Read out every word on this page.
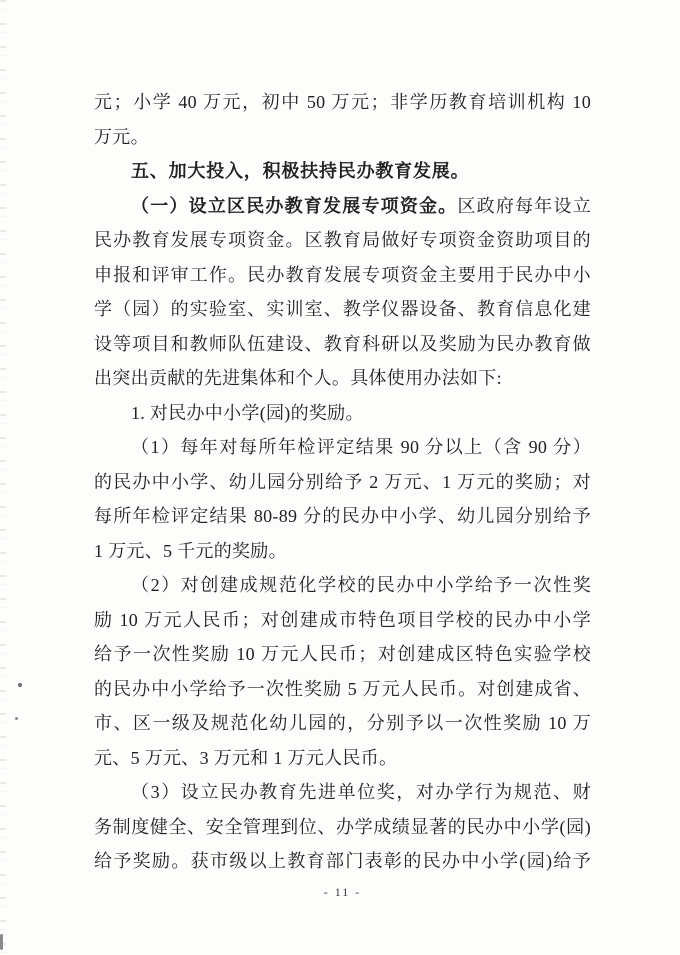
元；小学 40 万元，初中 50 万元；非学历教育培训机构 10
万元。
五、加大投入，积极扶持民办教育发展。
（一）设立区民办教育发展专项资金。区政府每年设立
民办教育发展专项资金。区教育局做好专项资金资助项目的
申报和评审工作。民办教育发展专项资金主要用于民办中小
学（园）的实验室、实训室、教学仪器设备、教育信息化建
设等项目和教师队伍建设、教育科研以及奖励为民办教育做
出突出贡献的先进集体和个人。具体使用办法如下:
1. 对民办中小学(园)的奖励。
（1）每年对每所年检评定结果 90 分以上（含 90 分）
的民办中小学、幼儿园分别给予 2 万元、1 万元的奖励；对
每所年检评定结果 80-89 分的民办中小学、幼儿园分别给予
1 万元、5 千元的奖励。
（2）对创建成规范化学校的民办中小学给予一次性奖
励 10 万元人民币；对创建成市特色项目学校的民办中小学
给予一次性奖励 10 万元人民币；对创建成区特色实验学校
的民办中小学给予一次性奖励 5 万元人民币。对创建成省、
市、区一级及规范化幼儿园的，分别予以一次性奖励 10 万
元、5 万元、3 万元和 1 万元人民币。
（3）设立民办教育先进单位奖，对办学行为规范、财
务制度健全、安全管理到位、办学成绩显著的民办中小学(园)
给予奖励。获市级以上教育部门表彰的民办中小学(园)给予
- 11 -
